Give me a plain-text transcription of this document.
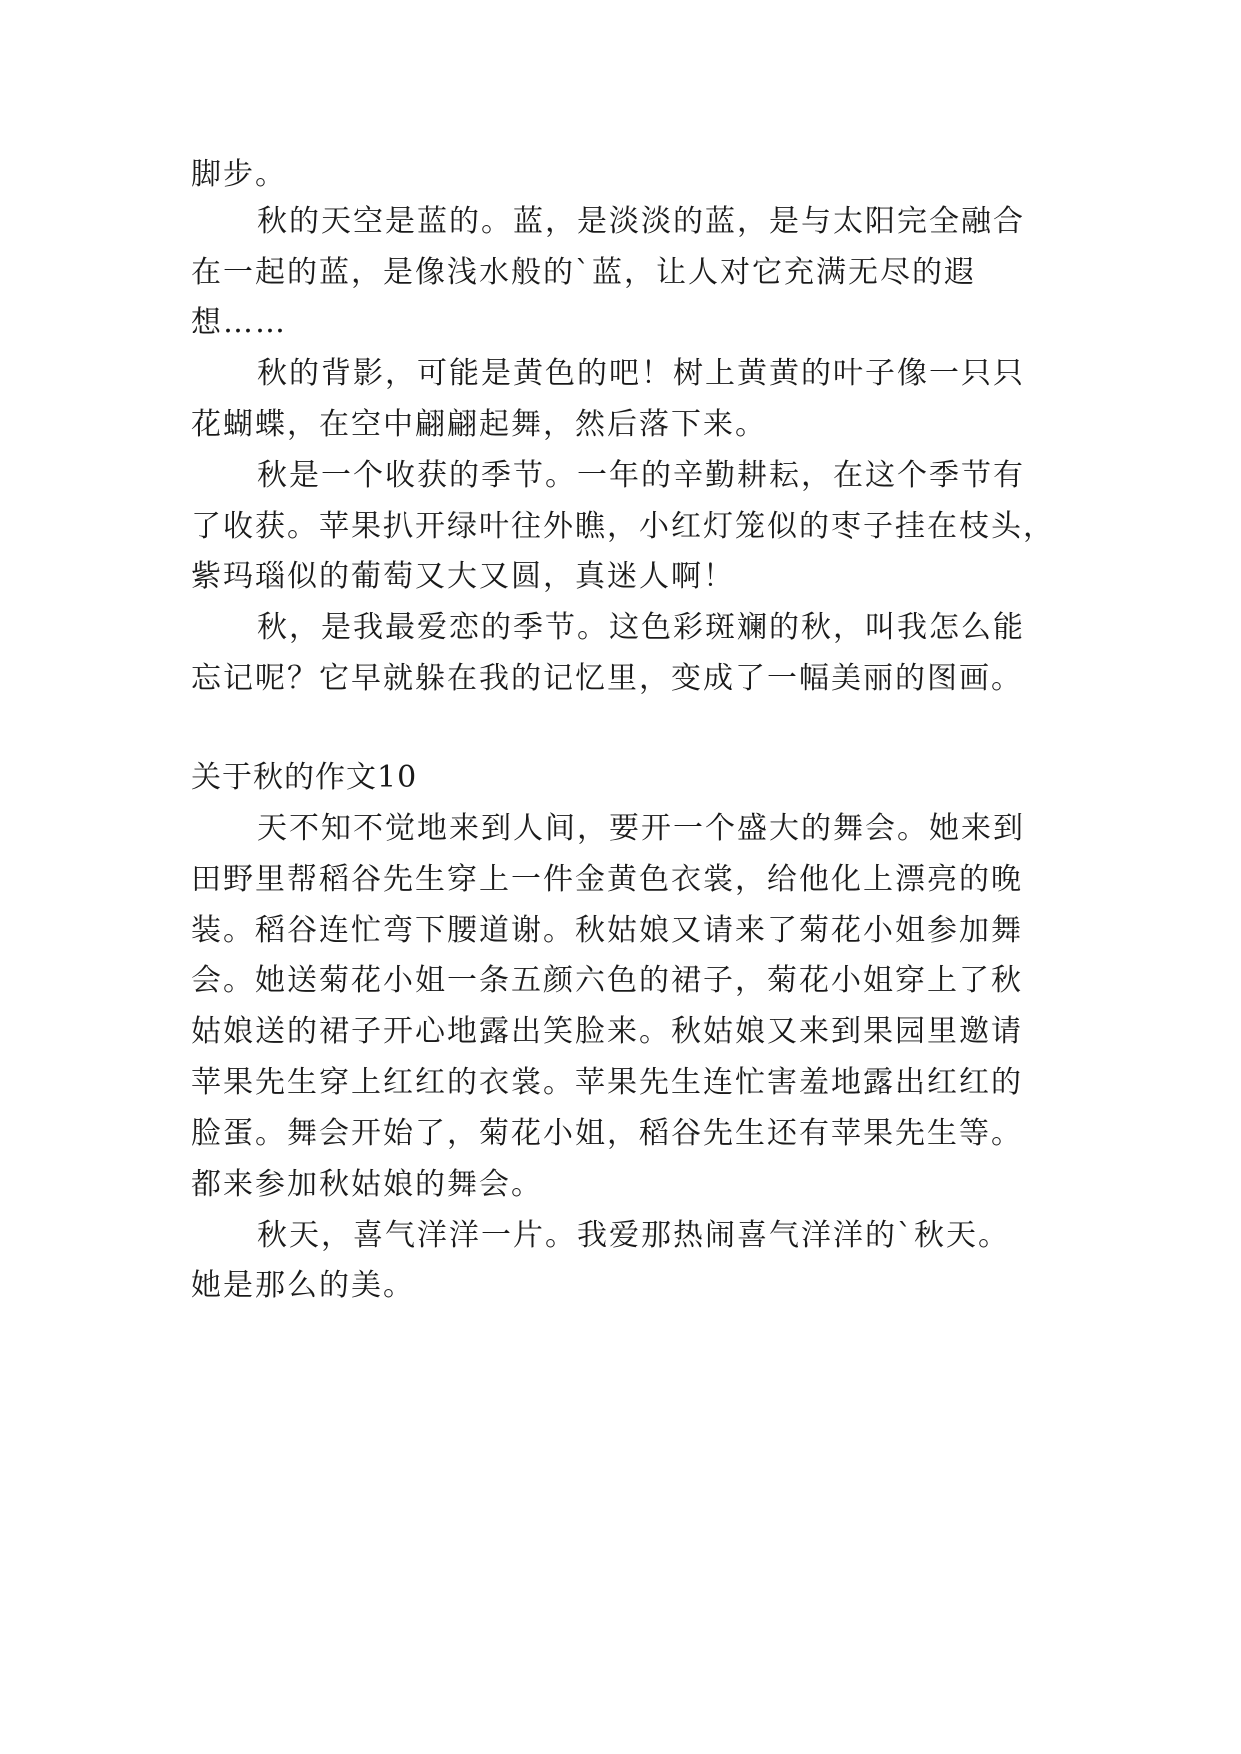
脚步。
秋的天空是蓝的。蓝，是淡淡的蓝，是与太阳完全融合
在一起的蓝，是像浅水般的`蓝，让人对它充满无尽的遐
想……
秋的背影，可能是黄色的吧！树上黄黄的叶子像一只只
花蝴蝶，在空中翩翩起舞，然后落下来。
秋是一个收获的季节。一年的辛勤耕耘，在这个季节有
了收获。苹果扒开绿叶往外瞧，小红灯笼似的枣子挂在枝头，
紫玛瑙似的葡萄又大又圆，真迷人啊！
秋，是我最爱恋的季节。这色彩斑斓的秋，叫我怎么能
忘记呢？它早就躲在我的记忆里，变成了一幅美丽的图画。
关于秋的作文10
天不知不觉地来到人间，要开一个盛大的舞会。她来到
田野里帮稻谷先生穿上一件金黄色衣裳，给他化上漂亮的晚
装。稻谷连忙弯下腰道谢。秋姑娘又请来了菊花小姐参加舞
会。她送菊花小姐一条五颜六色的裙子，菊花小姐穿上了秋
姑娘送的裙子开心地露出笑脸来。秋姑娘又来到果园里邀请
苹果先生穿上红红的衣裳。苹果先生连忙害羞地露出红红的
脸蛋。舞会开始了，菊花小姐，稻谷先生还有苹果先生等。
都来参加秋姑娘的舞会。
秋天，喜气洋洋一片。我爱那热闹喜气洋洋的`秋天。
她是那么的美。
